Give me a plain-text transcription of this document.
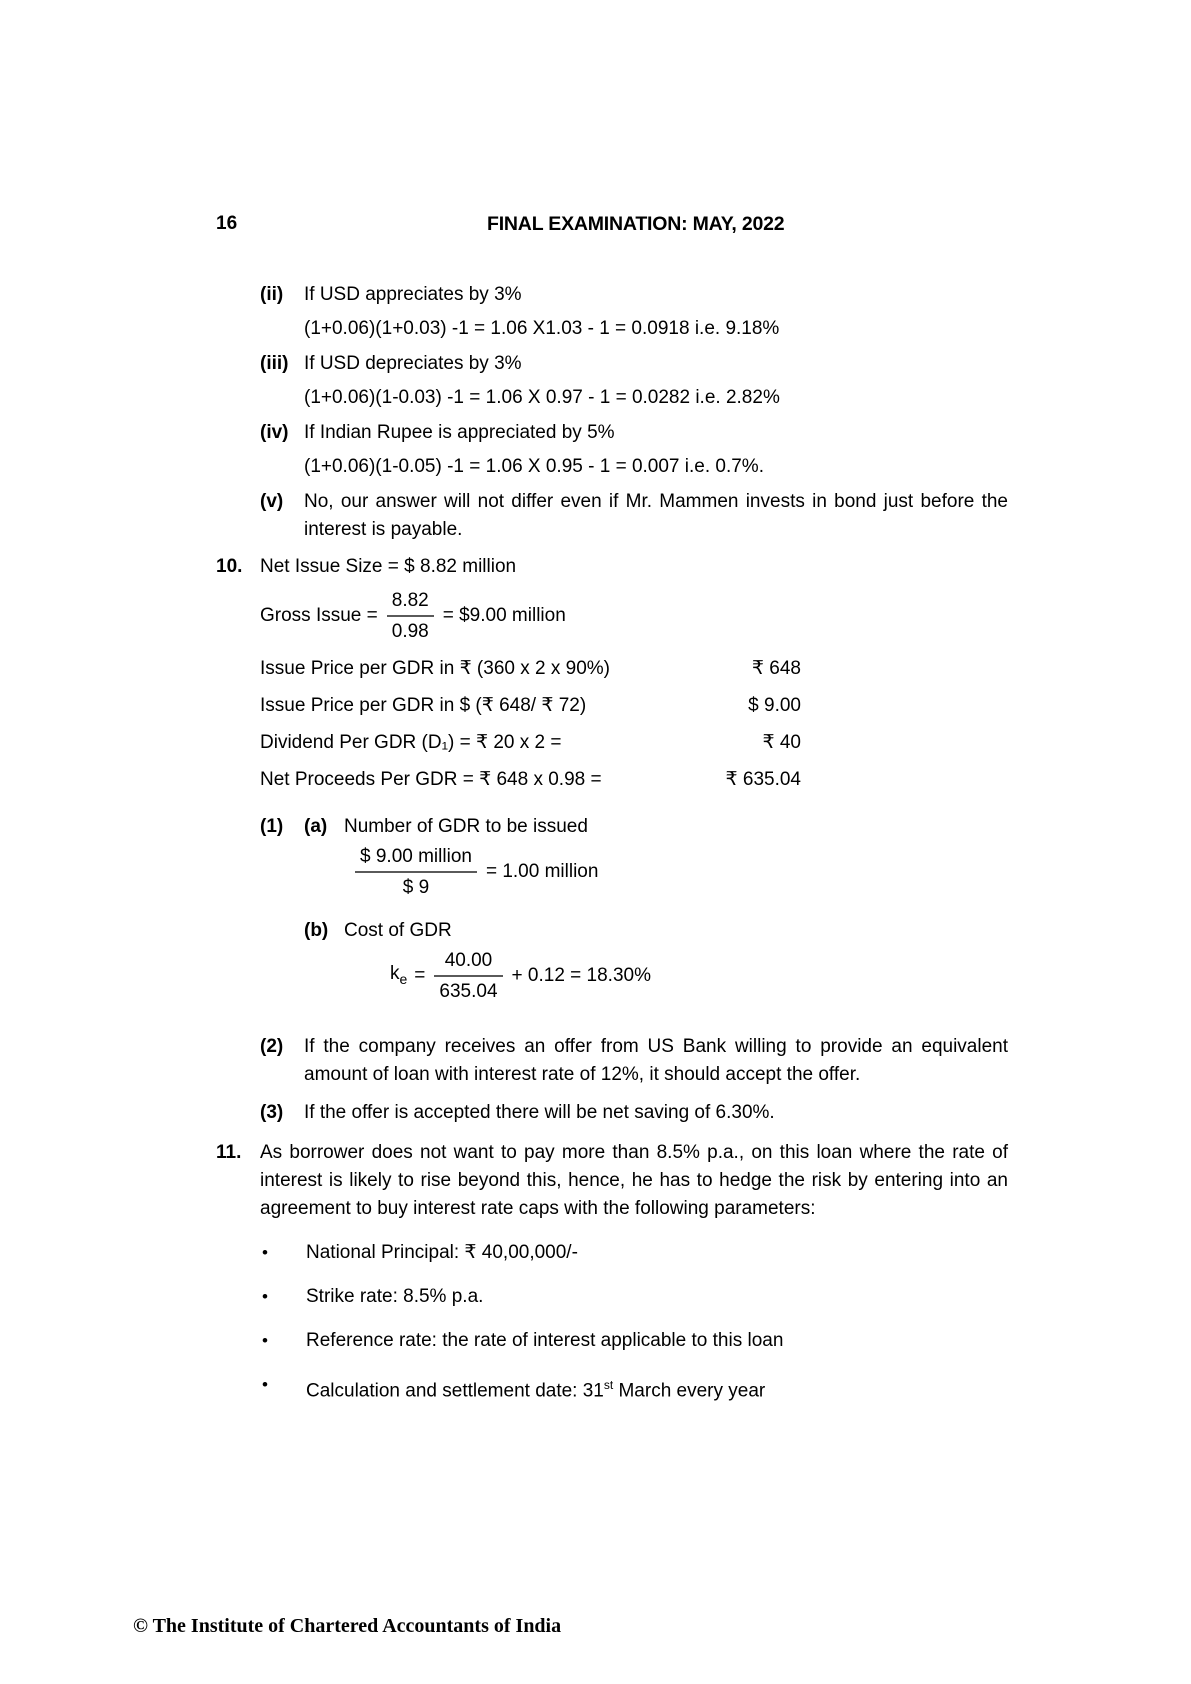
16	FINAL EXAMINATION: MAY, 2022
(ii)	If USD appreciates by 3%
(1+0.06)(1+0.03) -1 = 1.06 X1.03 - 1 = 0.0918 i.e. 9.18%
(iii) If USD depreciates by 3%
(1+0.06)(1-0.03) -1 = 1.06 X 0.97 - 1 = 0.0282 i.e. 2.82%
(iv) If Indian Rupee is appreciated by 5%
(1+0.06)(1-0.05) -1 = 1.06 X 0.95 - 1 = 0.007 i.e. 0.7%.
(v)	No, our answer will not differ even if Mr. Mammen invests in bond just before the interest is payable.
10. Net Issue Size = $ 8.82 million
Gross Issue = $\frac{8.82}{0.98}$ = $9.00 million
Issue Price per GDR in ₹ (360 x 2 x 90%)	₹ 648
Issue Price per GDR in $ (₹ 648/ ₹ 72)	$ 9.00
Dividend Per GDR (D₁) = ₹ 20 x 2 =	₹ 40
Net Proceeds Per GDR = ₹ 648 x 0.98 =	₹ 635.04
(1)	(a) Number of GDR to be issued
$\frac{\text{\$ 9.00 million}}{\$ 9} = 1.00$ million
(b) Cost of GDR
$k_e = \frac{40.00}{635.04} + 0.12 = 18.30\%$
(2)	If the company receives an offer from US Bank willing to provide an equivalent amount of loan with interest rate of 12%, it should accept the offer.
(3)	If the offer is accepted there will be net saving of 6.30%.
11. As borrower does not want to pay more than 8.5% p.a., on this loan where the rate of interest is likely to rise beyond this, hence, he has to hedge the risk by entering into an agreement to buy interest rate caps with the following parameters:
•	National Principal: ₹ 40,00,000/-
•	Strike rate: 8.5% p.a.
•	Reference rate: the rate of interest applicable to this loan
•	Calculation and settlement date: 31st March every year
© The Institute of Chartered Accountants of India
